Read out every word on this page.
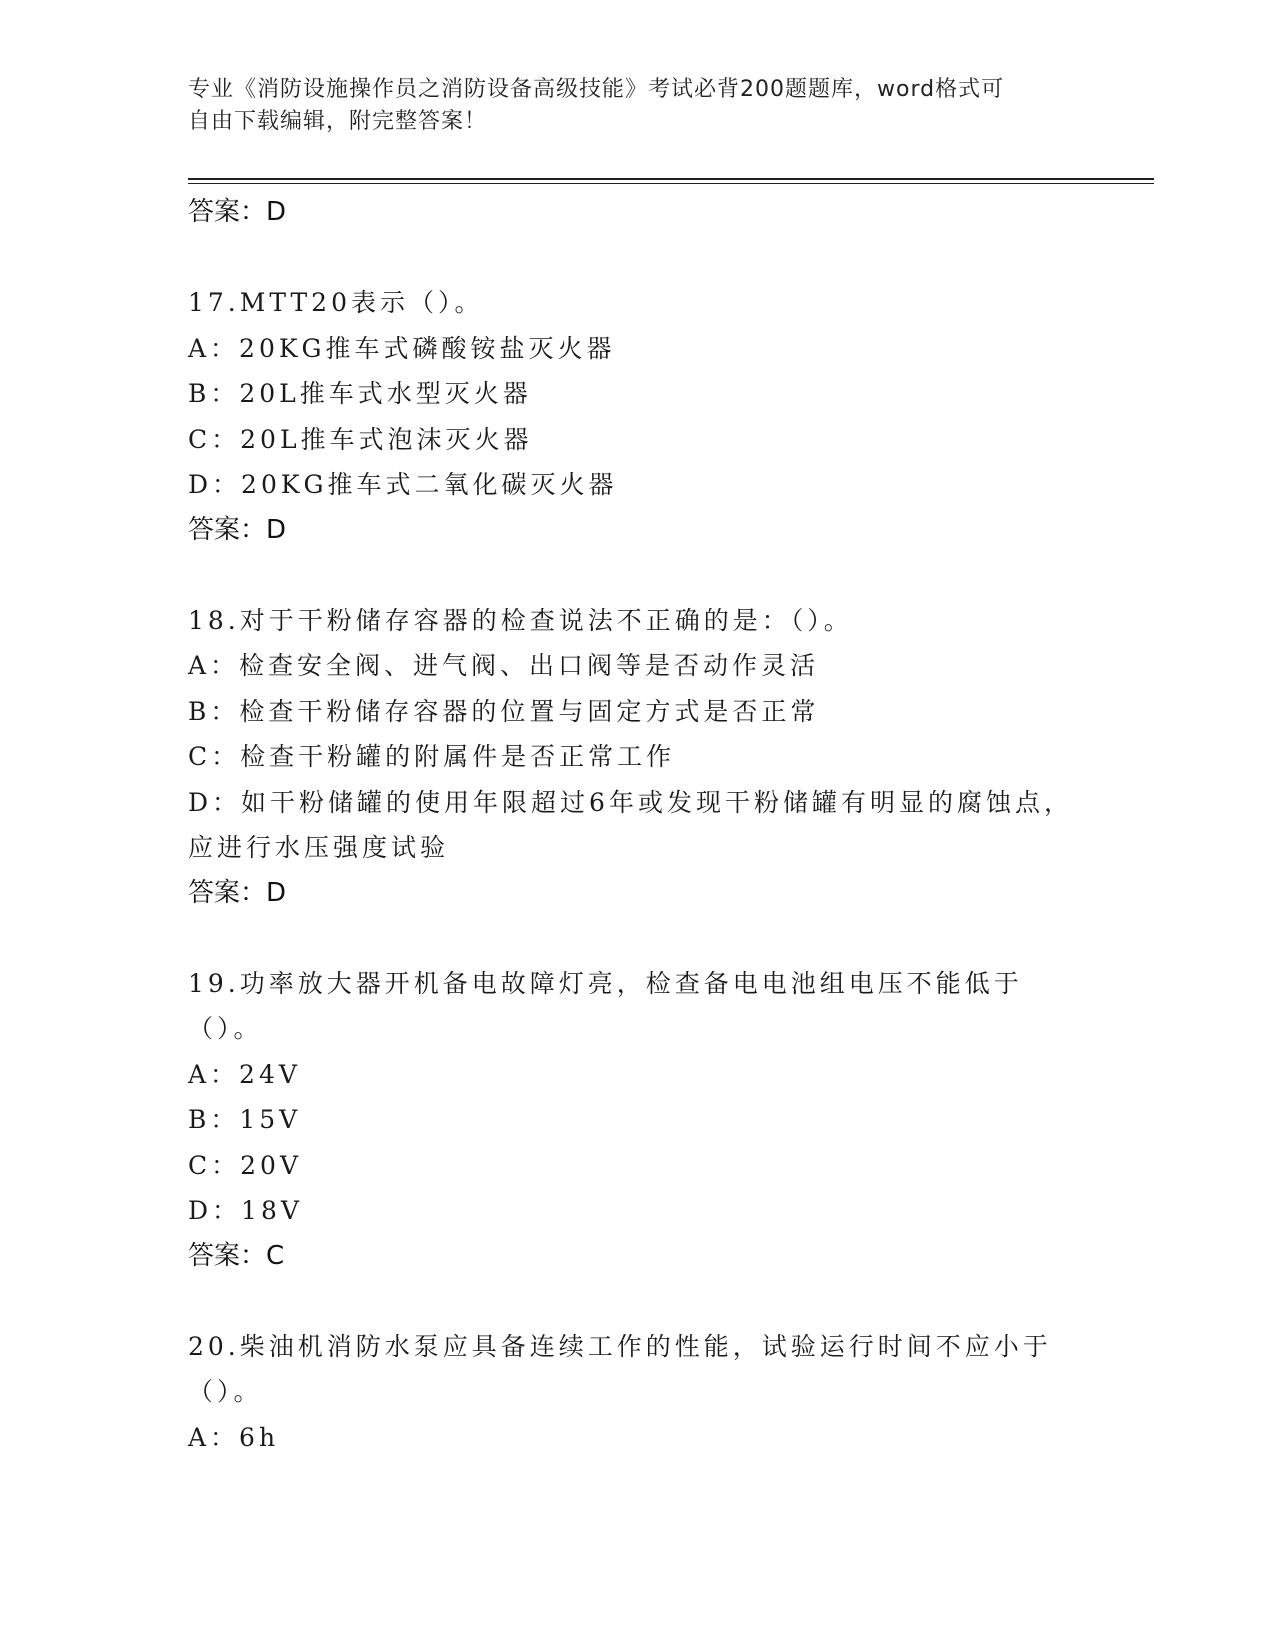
专业《消防设施操作员之消防设备高级技能》考试必背200题题库，word格式可
自由下载编辑，附完整答案！
答案：D
17.MTT20表示（）。
A：20KG推车式磷酸铵盐灭火器
B：20L推车式水型灭火器
C：20L推车式泡沫灭火器
D：20KG推车式二氧化碳灭火器
答案：D
18.对于干粉储存容器的检查说法不正确的是：（）。
A：检查安全阀、进气阀、出口阀等是否动作灵活
B：检查干粉储存容器的位置与固定方式是否正常
C：检查干粉罐的附属件是否正常工作
D：如干粉储罐的使用年限超过6年或发现干粉储罐有明显的腐蚀点，应进行水压强度试验
答案：D
19.功率放大器开机备电故障灯亮，检查备电电池组电压不能低于（）。
A：24V
B：15V
C：20V
D：18V
答案：C
20.柴油机消防水泵应具备连续工作的性能，试验运行时间不应小于（）。
A：6h
